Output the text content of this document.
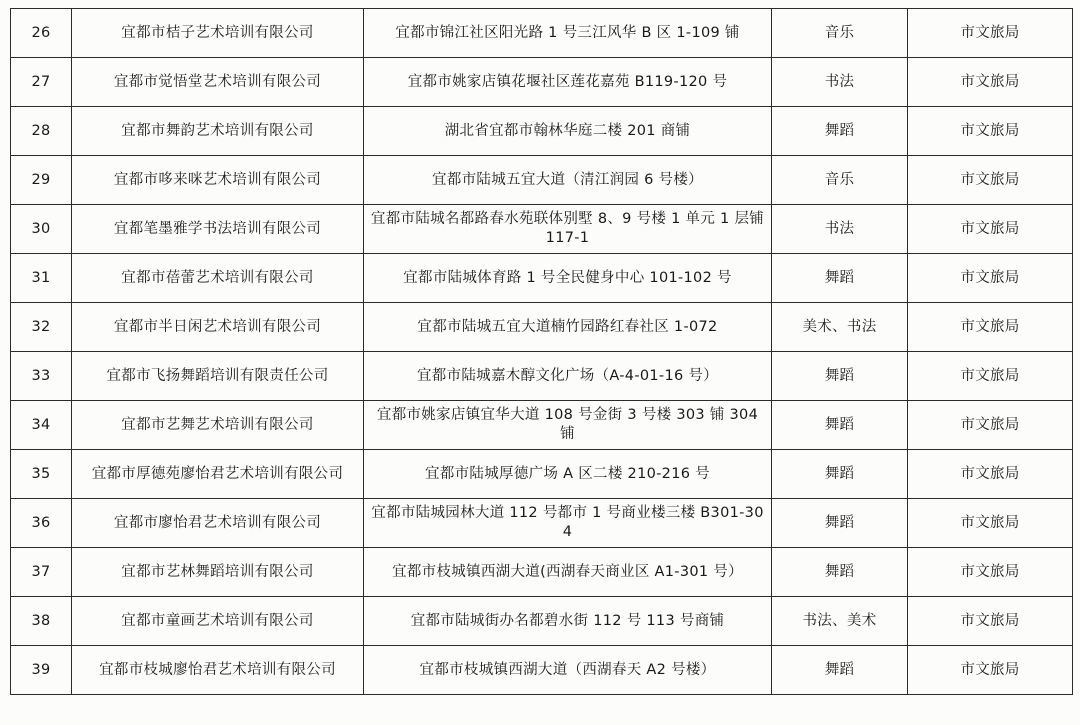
26	宜都市桔子艺术培训有限公司	宜都市锦江社区阳光路 1 号三江风华 B 区 1-109 铺	音乐	市文旅局
27	宜都市觉悟堂艺术培训有限公司	宜都市姚家店镇花堰社区莲花嘉苑 B119-120 号	书法	市文旅局
28	宜都市舞韵艺术培训有限公司	湖北省宜都市翰林华庭二楼 201 商铺	舞蹈	市文旅局
29	宜都市哆来咪艺术培训有限公司	宜都市陆城五宜大道（清江润园 6 号楼）	音乐	市文旅局
30	宜都笔墨雅学书法培训有限公司	宜都市陆城名都路春水苑联体别墅 8、9 号楼 1 单元 1 层铺 117-1	书法	市文旅局
31	宜都市蓓蕾艺术培训有限公司	宜都市陆城体育路 1 号全民健身中心 101-102 号	舞蹈	市文旅局
32	宜都市半日闲艺术培训有限公司	宜都市陆城五宜大道楠竹园路红春社区 1-072	美术、书法	市文旅局
33	宜都市飞扬舞蹈培训有限责任公司	宜都市陆城嘉木醇文化广场（A-4-01-16 号）	舞蹈	市文旅局
34	宜都市艺舞艺术培训有限公司	宜都市姚家店镇宜华大道 108 号金街 3 号楼 303 铺 304 铺	舞蹈	市文旅局
35	宜都市厚德苑廖怡君艺术培训有限公司	宜都市陆城厚德广场 A 区二楼 210-216 号	舞蹈	市文旅局
36	宜都市廖怡君艺术培训有限公司	宜都市陆城园林大道 112 号都市 1 号商业楼三楼 B301-304	舞蹈	市文旅局
37	宜都市艺林舞蹈培训有限公司	宜都市枝城镇西湖大道(西湖春天商业区 A1-301 号）	舞蹈	市文旅局
38	宜都市童画艺术培训有限公司	宜都市陆城街办名都碧水街 112 号 113 号商铺	书法、美术	市文旅局
39	宜都市枝城廖怡君艺术培训有限公司	宜都市枝城镇西湖大道（西湖春天 A2 号楼）	舞蹈	市文旅局
